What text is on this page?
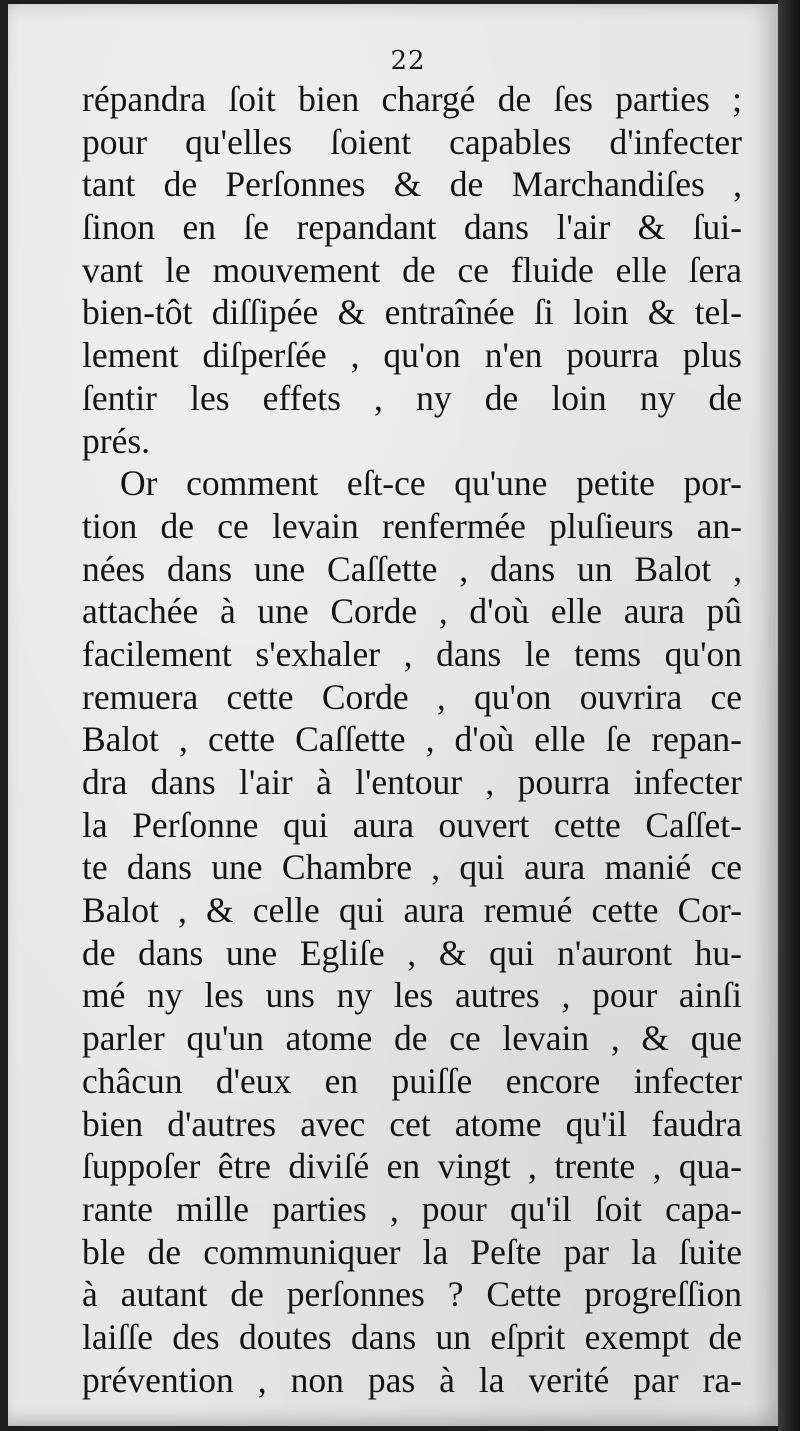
22
répandra ſoit bien chargé de ſes parties ;
pour qu'elles ſoient capables d'infecter
tant de Perſonnes & de Marchandiſes ,
ſinon en ſe repandant dans l'air & ſui-
vant le mouvement de ce fluide elle ſera
bien-tôt diſſipée & entraînée ſi loin & tel-
lement diſperſée , qu'on n'en pourra plus
ſentir les effets , ny de loin ny de
prés.
Or comment eſt-ce qu'une petite por-
tion de ce levain renfermée pluſieurs an-
nées dans une Caſſette , dans un Balot ,
attachée à une Corde , d'où elle aura pû
facilement s'exhaler , dans le tems qu'on
remuera cette Corde , qu'on ouvrira ce
Balot , cette Caſſette , d'où elle ſe repan-
dra dans l'air à l'entour , pourra infecter
la Perſonne qui aura ouvert cette Caſſet-
te dans une Chambre , qui aura manié ce
Balot , & celle qui aura remué cette Cor-
de dans une Egliſe , & qui n'auront hu-
mé ny les uns ny les autres , pour ainſi
parler qu'un atome de ce levain , & que
châcun d'eux en puiſſe encore infecter
bien d'autres avec cet atome qu'il faudra
ſuppoſer être diviſé en vingt , trente , qua-
rante mille parties , pour qu'il ſoit capa-
ble de communiquer la Peſte par la ſuite
à autant de perſonnes ? Cette progreſſion
laiſſe des doutes dans un eſprit exempt de
prévention , non pas à la verité par ra-
